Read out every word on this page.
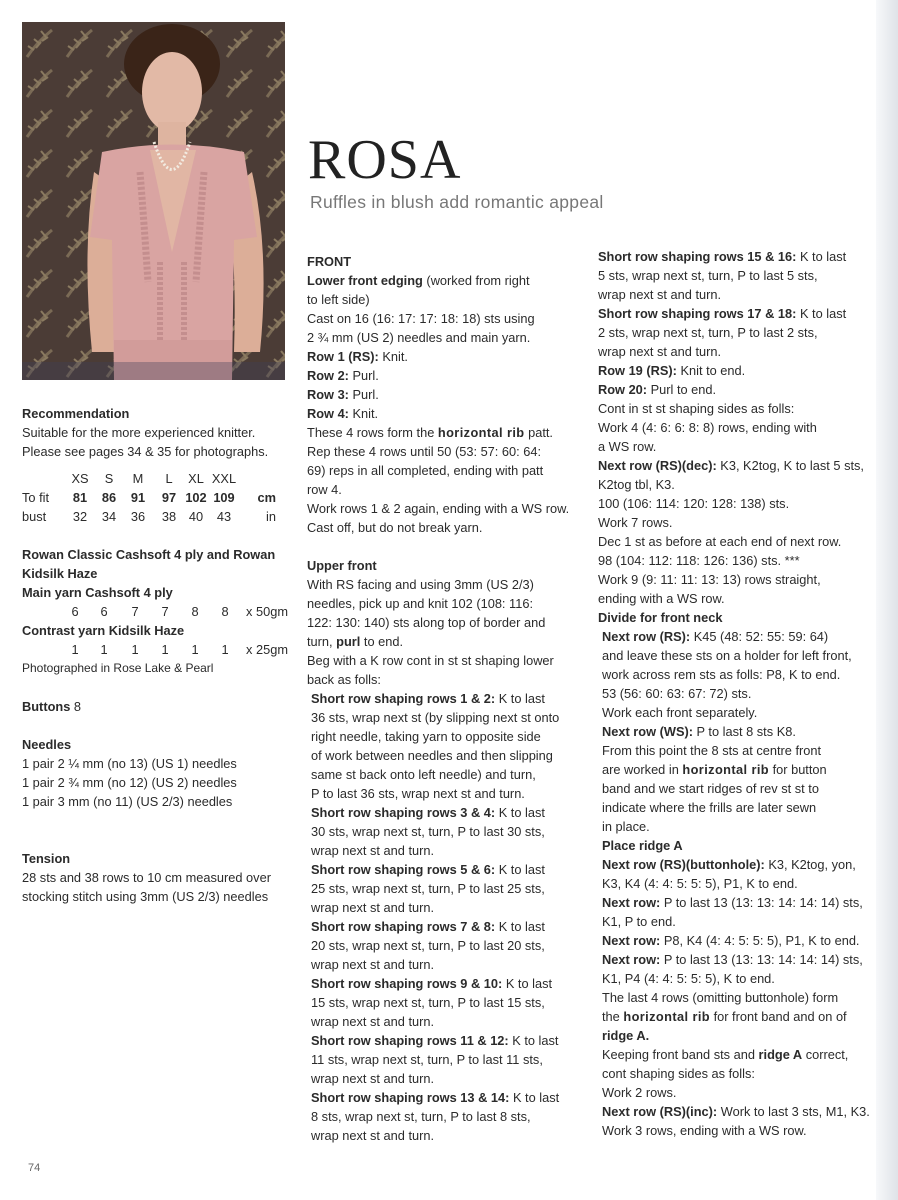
ROSA

Ruffles in blush add romantic appeal

Recommendation

Suitable for the more experienced knitter.

Please see pages 34 & 35 for photographs.

	XS	S	M	L	XL	XXL	
To fit	81	86	91	97	102	109	cm
bust	32	34	36	38	40	43	in

Rowan Classic Cashsoft 4 ply and Rowan

Kidsilk Haze

Main yarn Cashsoft 4 ply

6	6	7	7	8	8	x 50gm

Contrast yarn Kidsilk Haze

1	1	1	1	1	1	x 25gm

Photographed in Rose Lake & Pearl

Buttons 8

Needles

1 pair 2 ¼ mm (no 13) (US 1) needles

1 pair 2 ¾ mm (no 12) (US 2) needles

1 pair 3 mm (no 11) (US 2/3) needles

Tension

28 sts and 38 rows to 10 cm measured over

stocking stitch using 3mm (US 2/3) needles

FRONT

Lower front edging (worked from right

to left side)

Cast on 16 (16: 17: 17: 18: 18) sts using

2 ¾ mm (US 2) needles and main yarn.

Row 1 (RS): Knit.

Row 2: Purl.

Row 3: Purl.

Row 4: Knit.

These 4 rows form the horizontal rib patt.

Rep these 4 rows until 50 (53: 57: 60: 64:

69) reps in all completed, ending with patt

row 4.

Work rows 1 & 2 again, ending with a WS row.

Cast off, but do not break yarn.

Upper front

With RS facing and using 3mm (US 2/3)

needles, pick up and knit 102 (108: 116:

122: 130: 140) sts along top of border and

turn, purl to end.

Beg with a K row cont in st st shaping lower

back as folls:

Short row shaping rows 1 & 2: K to last

36 sts, wrap next st (by slipping next st onto

right needle, taking yarn to opposite side

of work between needles and then slipping

same st back onto left needle) and turn,

P to last 36 sts, wrap next st and turn.

Short row shaping rows 3 & 4: K to last

30 sts, wrap next st, turn, P to last 30 sts,

wrap next st and turn.

Short row shaping rows 5 & 6: K to last

25 sts, wrap next st, turn, P to last 25 sts,

wrap next st and turn.

Short row shaping rows 7 & 8: K to last

20 sts, wrap next st, turn, P to last 20 sts,

wrap next st and turn.

Short row shaping rows 9 & 10: K to last

15 sts, wrap next st, turn, P to last 15 sts,

wrap next st and turn.

Short row shaping rows 11 & 12: K to last

11 sts, wrap next st, turn, P to last 11 sts,

wrap next st and turn.

Short row shaping rows 13 & 14: K to last

8 sts, wrap next st, turn, P to last 8 sts,

wrap next st and turn.

Short row shaping rows 15 & 16: K to last

5 sts, wrap next st, turn, P to last 5 sts,

wrap next st and turn.

Short row shaping rows 17 & 18: K to last

2 sts, wrap next st, turn, P to last 2 sts,

wrap next st and turn.

Row 19 (RS): Knit to end.

Row 20: Purl to end.

Cont in st st shaping sides as folls:

Work 4 (4: 6: 6: 8: 8) rows, ending with

a WS row.

Next row (RS)(dec): K3, K2tog, K to last 5 sts,

K2tog tbl, K3.

100 (106: 114: 120: 128: 138) sts.

Work 7 rows.

Dec 1 st as before at each end of next row.

98 (104: 112: 118: 126: 136) sts. ***

Work 9 (9: 11: 11: 13: 13) rows straight,

ending with a WS row.

Divide for front neck

Next row (RS): K45 (48: 52: 55: 59: 64)

and leave these sts on a holder for left front,

work across rem sts as folls: P8, K to end.

53 (56: 60: 63: 67: 72) sts.

Work each front separately.

Next row (WS): P to last 8 sts K8.

From this point the 8 sts at centre front

are worked in horizontal rib for button

band and we start ridges of rev st st to

indicate where the frills are later sewn

in place.

Place ridge A

Next row (RS)(buttonhole): K3, K2tog, yon,

K3, K4 (4: 4: 5: 5: 5), P1, K to end.

Next row: P to last 13 (13: 13: 14: 14: 14) sts,

K1, P to end.

Next row: P8, K4 (4: 4: 5: 5: 5), P1, K to end.

Next row: P to last 13 (13: 13: 14: 14: 14) sts,

K1, P4 (4: 4: 5: 5: 5), K to end.

The last 4 rows (omitting buttonhole) form

the horizontal rib for front band and on of

ridge A.

Keeping front band sts and ridge A correct,

cont shaping sides as folls:

Work 2 rows.

Next row (RS)(inc): Work to last 3 sts, M1, K3.

Work 3 rows, ending with a WS row.

74
